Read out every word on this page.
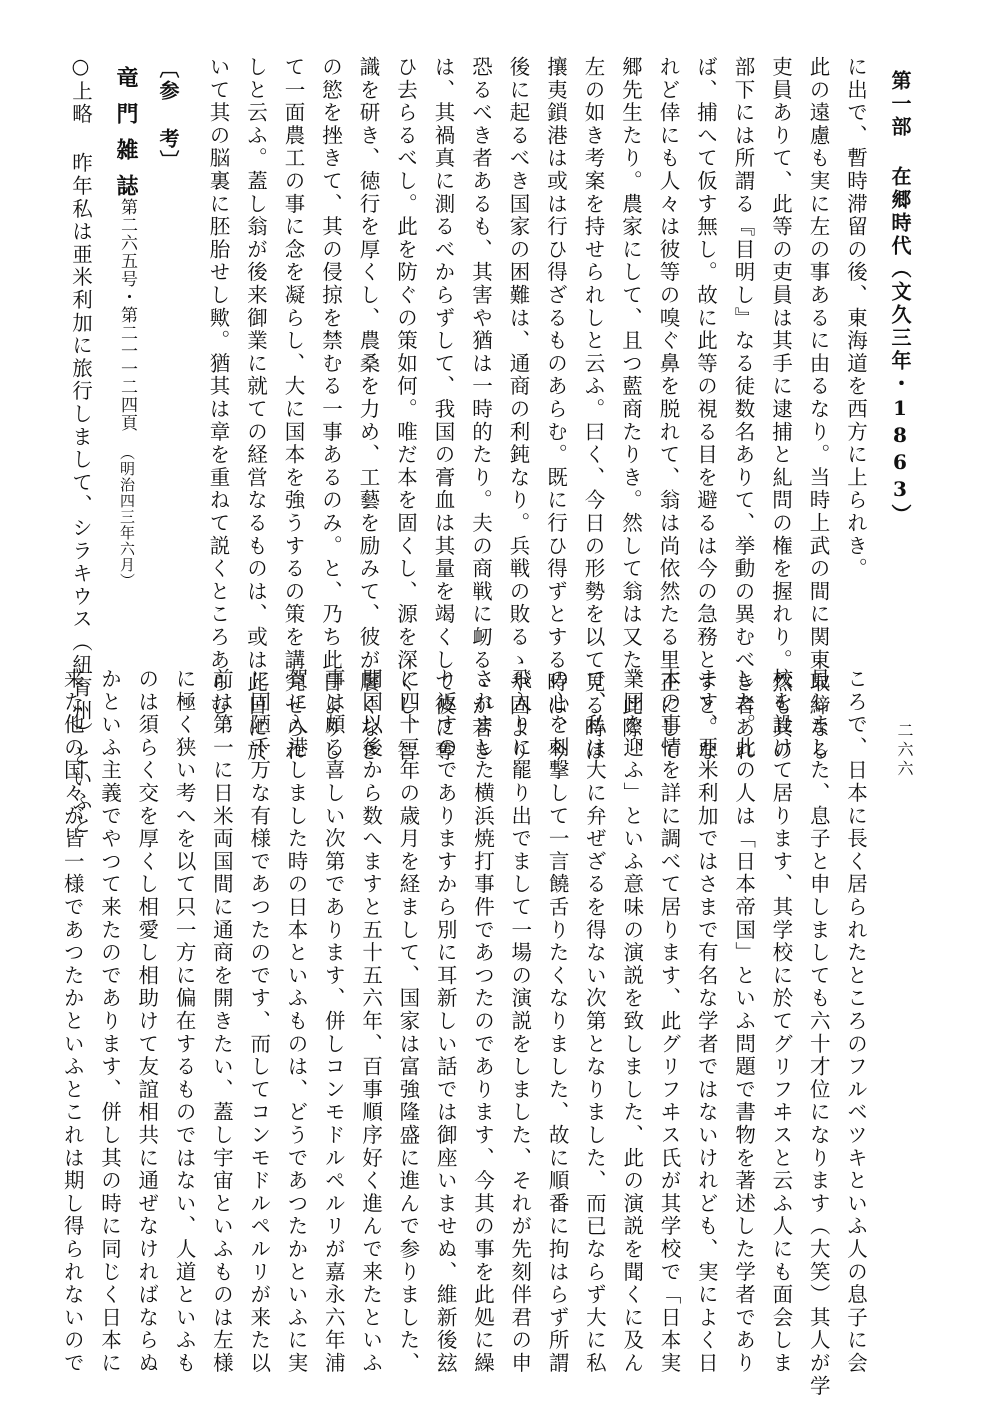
第一部 在郷時代（文久三年・1863）
二六六
に出で、暫時滞留の後、東海道を西方に上られき。
此の遠慮も実に左の事あるに由るなり。当時上武の間に関東取締なる
吏員ありて、此等の吏員は其手に逮捕と糺問の権を握れり。然も其の
部下には所謂る『目明し』なる徒数名ありて、挙動の異むべき者あれ
ば、捕へて仮す無し。故に此等の視る目を避るは今の急務とすと。な
れど倖にも人々は彼等の嗅ぐ鼻を脱れて、翁は尚依然たる里正にして
郷先生たり。農家にして、且つ藍商たりき。然して翁は又た、此際、
左の如き考案を持せられしと云ふ。曰く、今日の形勢を以て見る時は
攘夷鎖港は或は行ひ得ざるものあらむ。既に行ひ得ずとする時は、今
後に起るべき国家の困難は、通商の利鈍なり。兵戦の敗るゝや固より
恐るべき者あるも、其害や猶は一時的たり。夫の商戦に衂るゝが若き
は、其禍真に測るべからずして、我国の膏血は其量を竭くして彼に奪
ひ去らるべし。此を防ぐの策如何。唯だ本を固くし、源を深くし、智
識を研き、徳行を厚くし、農桑を力め、工藝を励みて、彼が饜くなき
の慾を挫きて、其の侵掠を禁むる一事あるのみ。と、乃ち此日よりし
て一面農工の事に念を凝らし、大に国本を強うするの策を講究せられ
しと云ふ。蓋し翁が後来御業に就ての経営なるものは、或は此日に於
いて其の脳裏に胚胎せし歟。猶其は章を重ねて説くところあらむ。
〔参 考〕
竜門雑誌
第二六五号・第二一一二四頁
（明治四三年六月）
○上略 昨年私は亜米利加に旅行しまして、シラキウス（紐育州）といふと
ころで、日本に長く居られたところのフルベツキといふ人の息子に会
見しました、息子と申しましても六十才位になります（大笑）其人が学
校を設けて居ります、其学校に於てグリフヰスと云ふ人にも面会しま
した。此の人は「日本帝国」といふ問題で書物を著述した学者であり
ます、亜米利加ではさまで有名な学者ではないけれども、実によく日
本の事情を詳に調べて居ります、此グリフヰス氏が其学校で「日本実
業団を迎ふ」といふ意味の演説を致しました、此の演説を聞くに及ん
で、私は大に弁ぜざるを得ない次第となりました、而已ならず大に私
の心を刺撃して一言饒舌りたくなりました、故に順番に拘はらず所謂
飛入りに罷り出でまして一場の演説をしました、それが先刻伴君の申
されました横浜焼打事件であつたのであります、今其の事を此処に繰
り返すのでありますから別に耳新しい話では御座いませぬ、維新後玆
に四十三年の歳月を経まして、国家は富強隆盛に進んで参りました、
開国以後から数へますと五十五六年、百事順序好く進んで来たといふ
事は頗る喜しい次第であります、併しコンモドルペルリが嘉永六年浦
賀に入港しました時の日本といふものは、どうであつたかといふに実
に固陋千万な有様であつたのです、而してコンモドルペルリが来た以
前は第一に日米両国間に通商を開きたい、蓋し宇宙といふものは左様
に極く狭い考へを以て只一方に偏在するものではない、人道といふも
のは須らく交を厚くし相愛し相助けて友誼相共に通ぜなければならぬ
かといふ主義でやつて来たのであります、併し其の時に同じく日本に
来た他の国々が皆一様であつたかといふとこれは期し得られないので
